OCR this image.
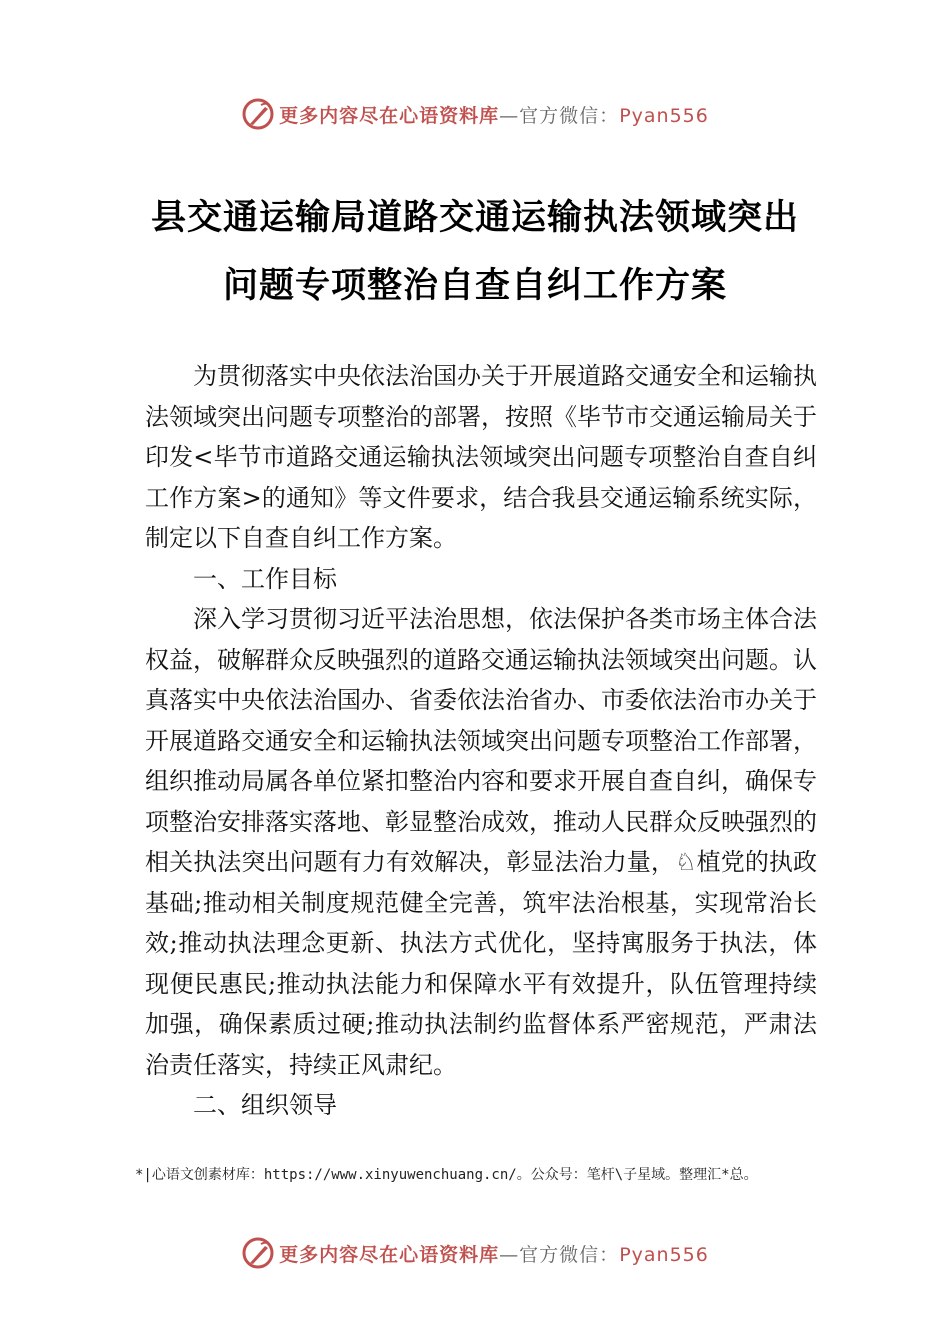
更多内容尽在心语资料库—官方微信：Pyan556
县交通运输局道路交通运输执法领域突出
问题专项整治自查自纠工作方案

为贯彻落实中央依法治国办关于开展道路交通安全和运输执法领域突出问题专项整治的部署，按照《毕节市交通运输局关于印发<毕节市道路交通运输执法领域突出问题专项整治自查自纠工作方案>的通知》等文件要求，结合我县交通运输系统实际，制定以下自查自纠工作方案。

一、工作目标

深入学习贯彻习近平法治思想，依法保护各类市场主体合法权益，破解群众反映强烈的道路交通运输执法领域突出问题。认真落实中央依法治国办、省委依法治省办、市委依法治市办关于开展道路交通安全和运输执法领域突出问题专项整治工作部署，组织推动局属各单位紧扣整治内容和要求开展自查自纠，确保专项整治安排落实落地、彰显整治成效，推动人民群众反映强烈的相关执法突出问题有力有效解决，彰显法治力量，♘植党的执政基础;推动相关制度规范健全完善，筑牢法治根基，实现常治长效;推动执法理念更新、执法方式优化，坚持寓服务于执法，体现便民惠民;推动执法能力和保障水平有效提升，队伍管理持续加强，确保素质过硬;推动执法制约监督体系严密规范，严肃法治责任落实，持续正风肃纪。

二、组织领导

*|心语文创素材库：https://www.xinyuwenchuang.cn/。公众号：笔杆\子星域。整理汇*总。
更多内容尽在心语资料库—官方微信：Pyan556
